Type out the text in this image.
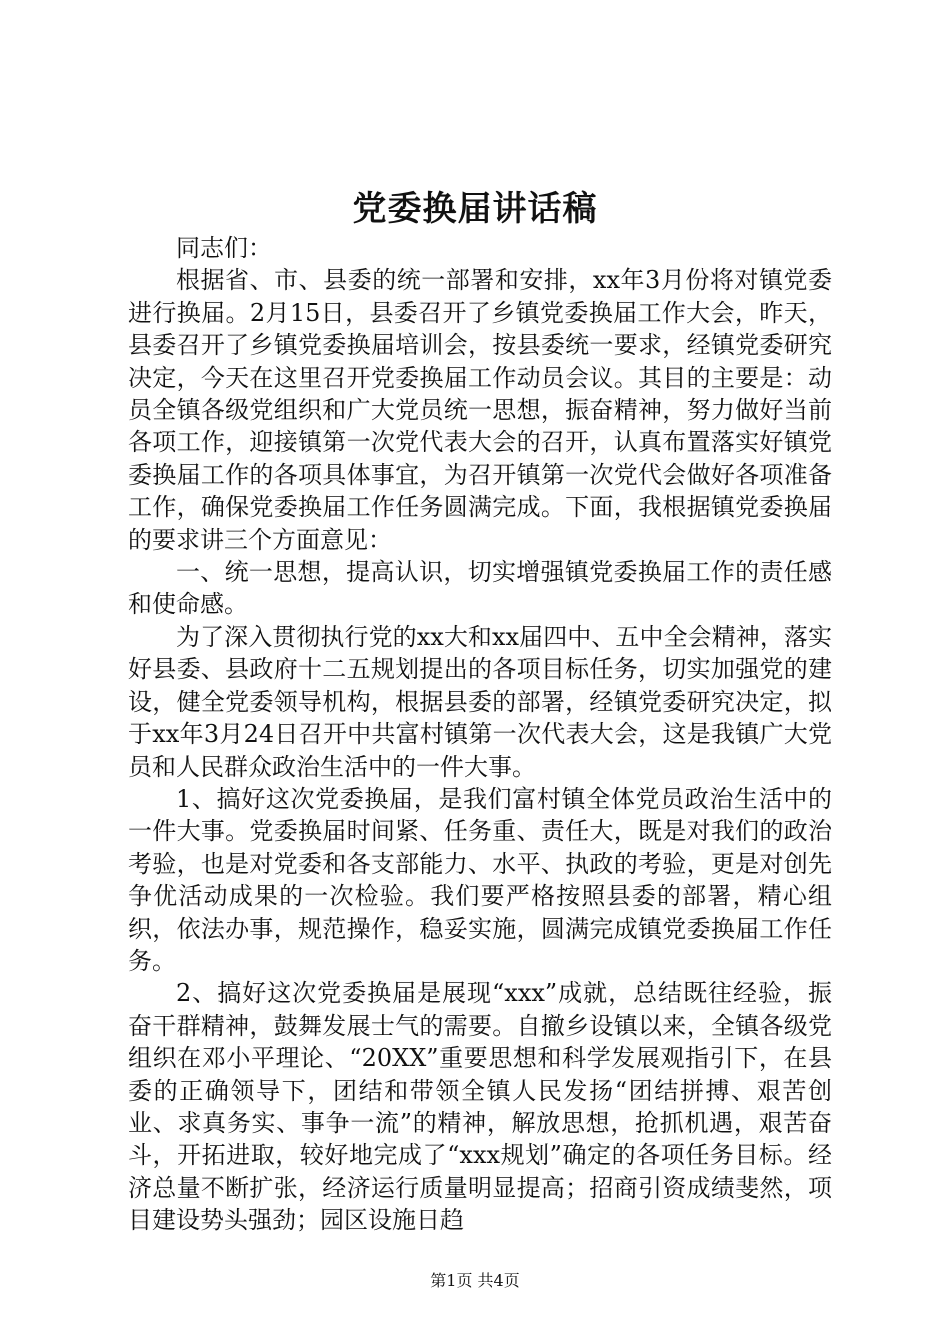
党委换届讲话稿

同志们：

根据省、市、县委的统一部署和安排，xx年3月份将对镇党委进行换届。2月15日，县委召开了乡镇党委换届工作大会，昨天，县委召开了乡镇党委换届培训会，按县委统一要求，经镇党委研究决定，今天在这里召开党委换届工作动员会议。其目的主要是：动员全镇各级党组织和广大党员统一思想，振奋精神，努力做好当前各项工作，迎接镇第一次党代表大会的召开，认真布置落实好镇党委换届工作的各项具体事宜，为召开镇第一次党代会做好各项准备工作，确保党委换届工作任务圆满完成。下面，我根据镇党委换届的要求讲三个方面意见：

一、统一思想，提高认识，切实增强镇党委换届工作的责任感和使命感。

为了深入贯彻执行党的xx大和xx届四中、五中全会精神，落实好县委、县政府十二五规划提出的各项目标任务，切实加强党的建设，健全党委领导机构，根据县委的部署，经镇党委研究决定，拟于xx年3月24日召开中共富村镇第一次代表大会，这是我镇广大党员和人民群众政治生活中的一件大事。

1、搞好这次党委换届，是我们富村镇全体党员政治生活中的一件大事。党委换届时间紧、任务重、责任大，既是对我们的政治考验，也是对党委和各支部能力、水平、执政的考验，更是对创先争优活动成果的一次检验。我们要严格按照县委的部署，精心组织，依法办事，规范操作，稳妥实施，圆满完成镇党委换届工作任务。

2、搞好这次党委换届是展现“xxx”成就，总结既往经验，振奋干群精神，鼓舞发展士气的需要。自撤乡设镇以来，全镇各级党组织在邓小平理论、“20XX”重要思想和科学发展观指引下，在县委的正确领导下，团结和带领全镇人民发扬“团结拼搏、艰苦创业、求真务实、事争一流”的精神，解放思想，抢抓机遇，艰苦奋斗，开拓进取，较好地完成了“xxx规划”确定的各项任务目标。经济总量不断扩张，经济运行质量明显提高；招商引资成绩斐然，项目建设势头强劲；园区设施日趋

第1页 共4页
